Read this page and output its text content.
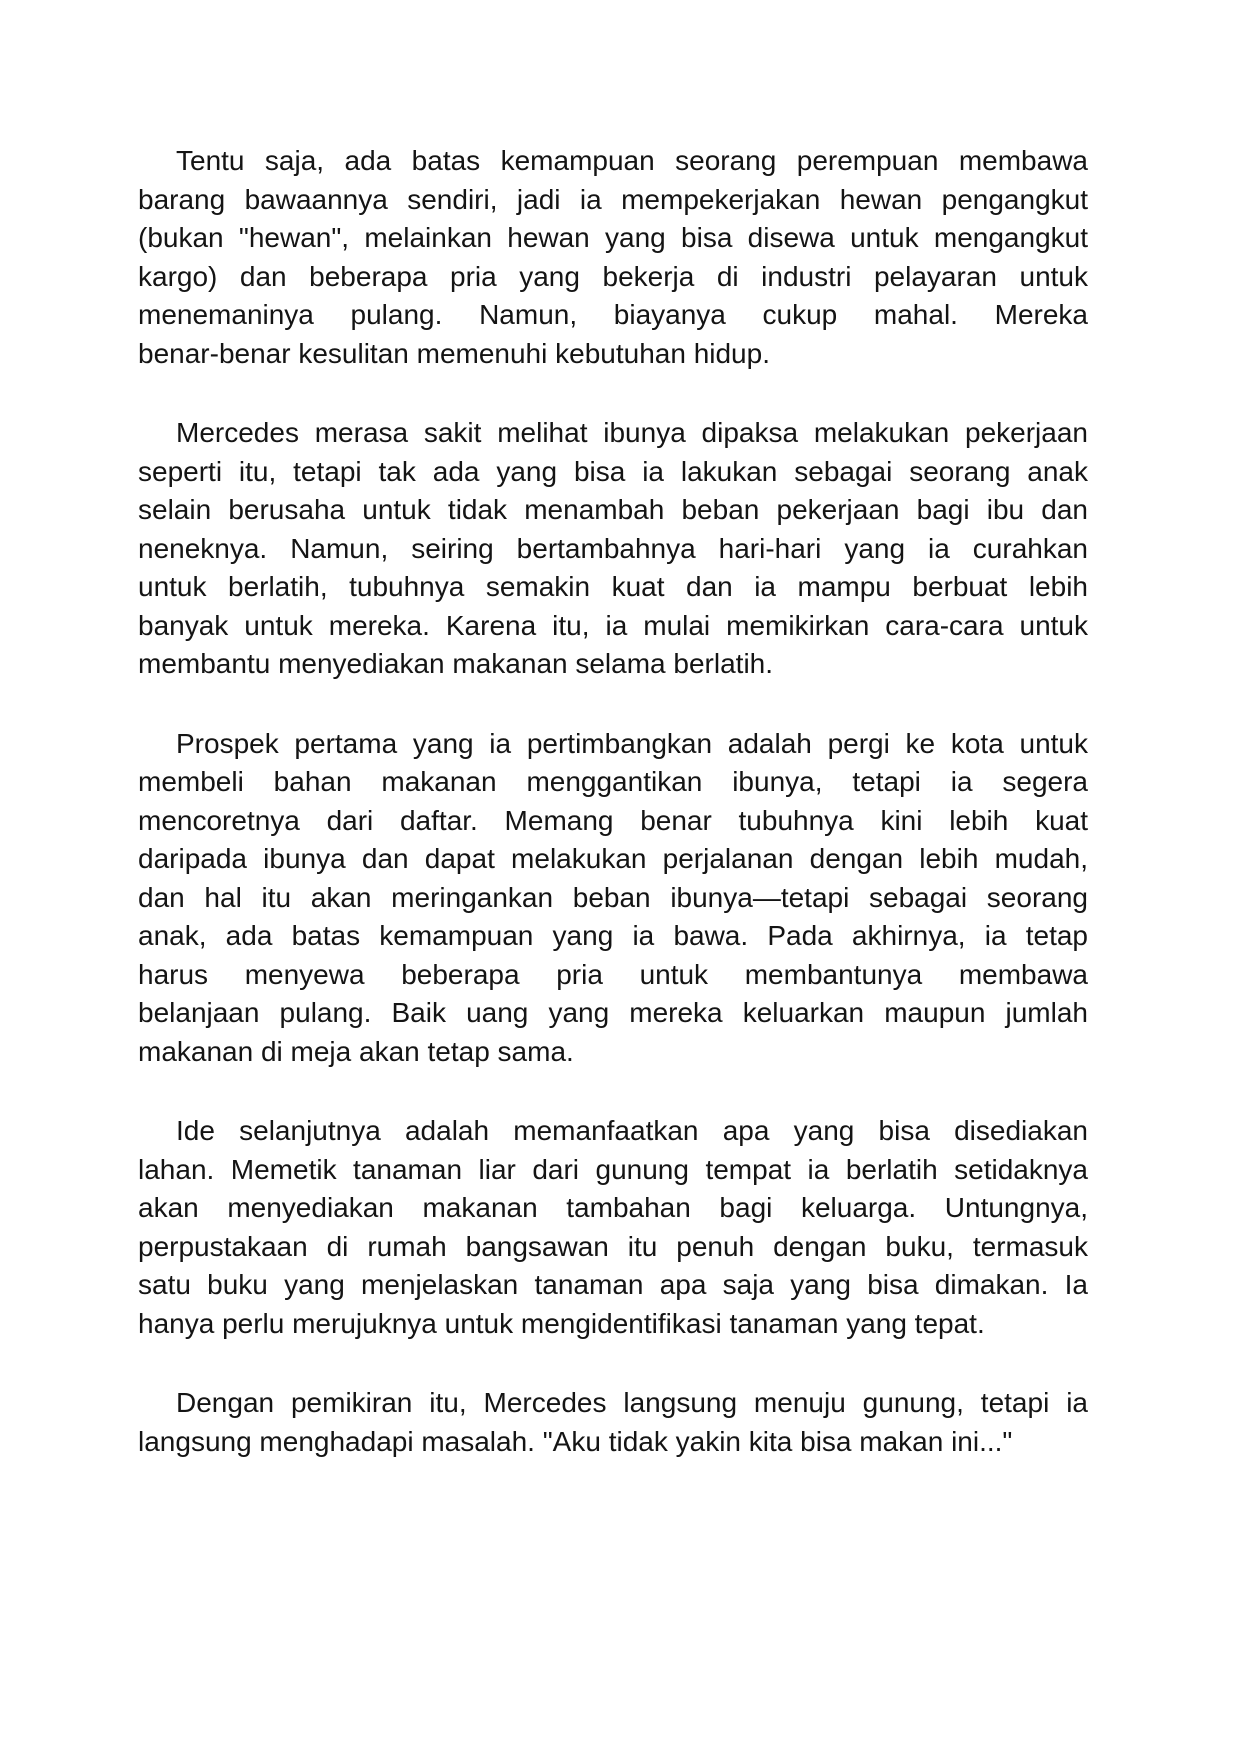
Tentu saja, ada batas kemampuan seorang perempuan membawa
barang bawaannya sendiri, jadi ia mempekerjakan hewan pengangkut
(bukan "hewan", melainkan hewan yang bisa disewa untuk mengangkut
kargo) dan beberapa pria yang bekerja di industri pelayaran untuk
menemaninya pulang. Namun, biayanya cukup mahal. Mereka
benar-benar kesulitan memenuhi kebutuhan hidup.

Mercedes merasa sakit melihat ibunya dipaksa melakukan pekerjaan
seperti itu, tetapi tak ada yang bisa ia lakukan sebagai seorang anak
selain berusaha untuk tidak menambah beban pekerjaan bagi ibu dan
neneknya. Namun, seiring bertambahnya hari-hari yang ia curahkan
untuk berlatih, tubuhnya semakin kuat dan ia mampu berbuat lebih
banyak untuk mereka. Karena itu, ia mulai memikirkan cara-cara untuk
membantu menyediakan makanan selama berlatih.

Prospek pertama yang ia pertimbangkan adalah pergi ke kota untuk
membeli bahan makanan menggantikan ibunya, tetapi ia segera
mencoretnya dari daftar. Memang benar tubuhnya kini lebih kuat
daripada ibunya dan dapat melakukan perjalanan dengan lebih mudah,
dan hal itu akan meringankan beban ibunya—tetapi sebagai seorang
anak, ada batas kemampuan yang ia bawa. Pada akhirnya, ia tetap
harus menyewa beberapa pria untuk membantunya membawa
belanjaan pulang. Baik uang yang mereka keluarkan maupun jumlah
makanan di meja akan tetap sama.

Ide selanjutnya adalah memanfaatkan apa yang bisa disediakan
lahan. Memetik tanaman liar dari gunung tempat ia berlatih setidaknya
akan menyediakan makanan tambahan bagi keluarga. Untungnya,
perpustakaan di rumah bangsawan itu penuh dengan buku, termasuk
satu buku yang menjelaskan tanaman apa saja yang bisa dimakan. Ia
hanya perlu merujuknya untuk mengidentifikasi tanaman yang tepat.

Dengan pemikiran itu, Mercedes langsung menuju gunung, tetapi ia
langsung menghadapi masalah. "Aku tidak yakin kita bisa makan ini..."
